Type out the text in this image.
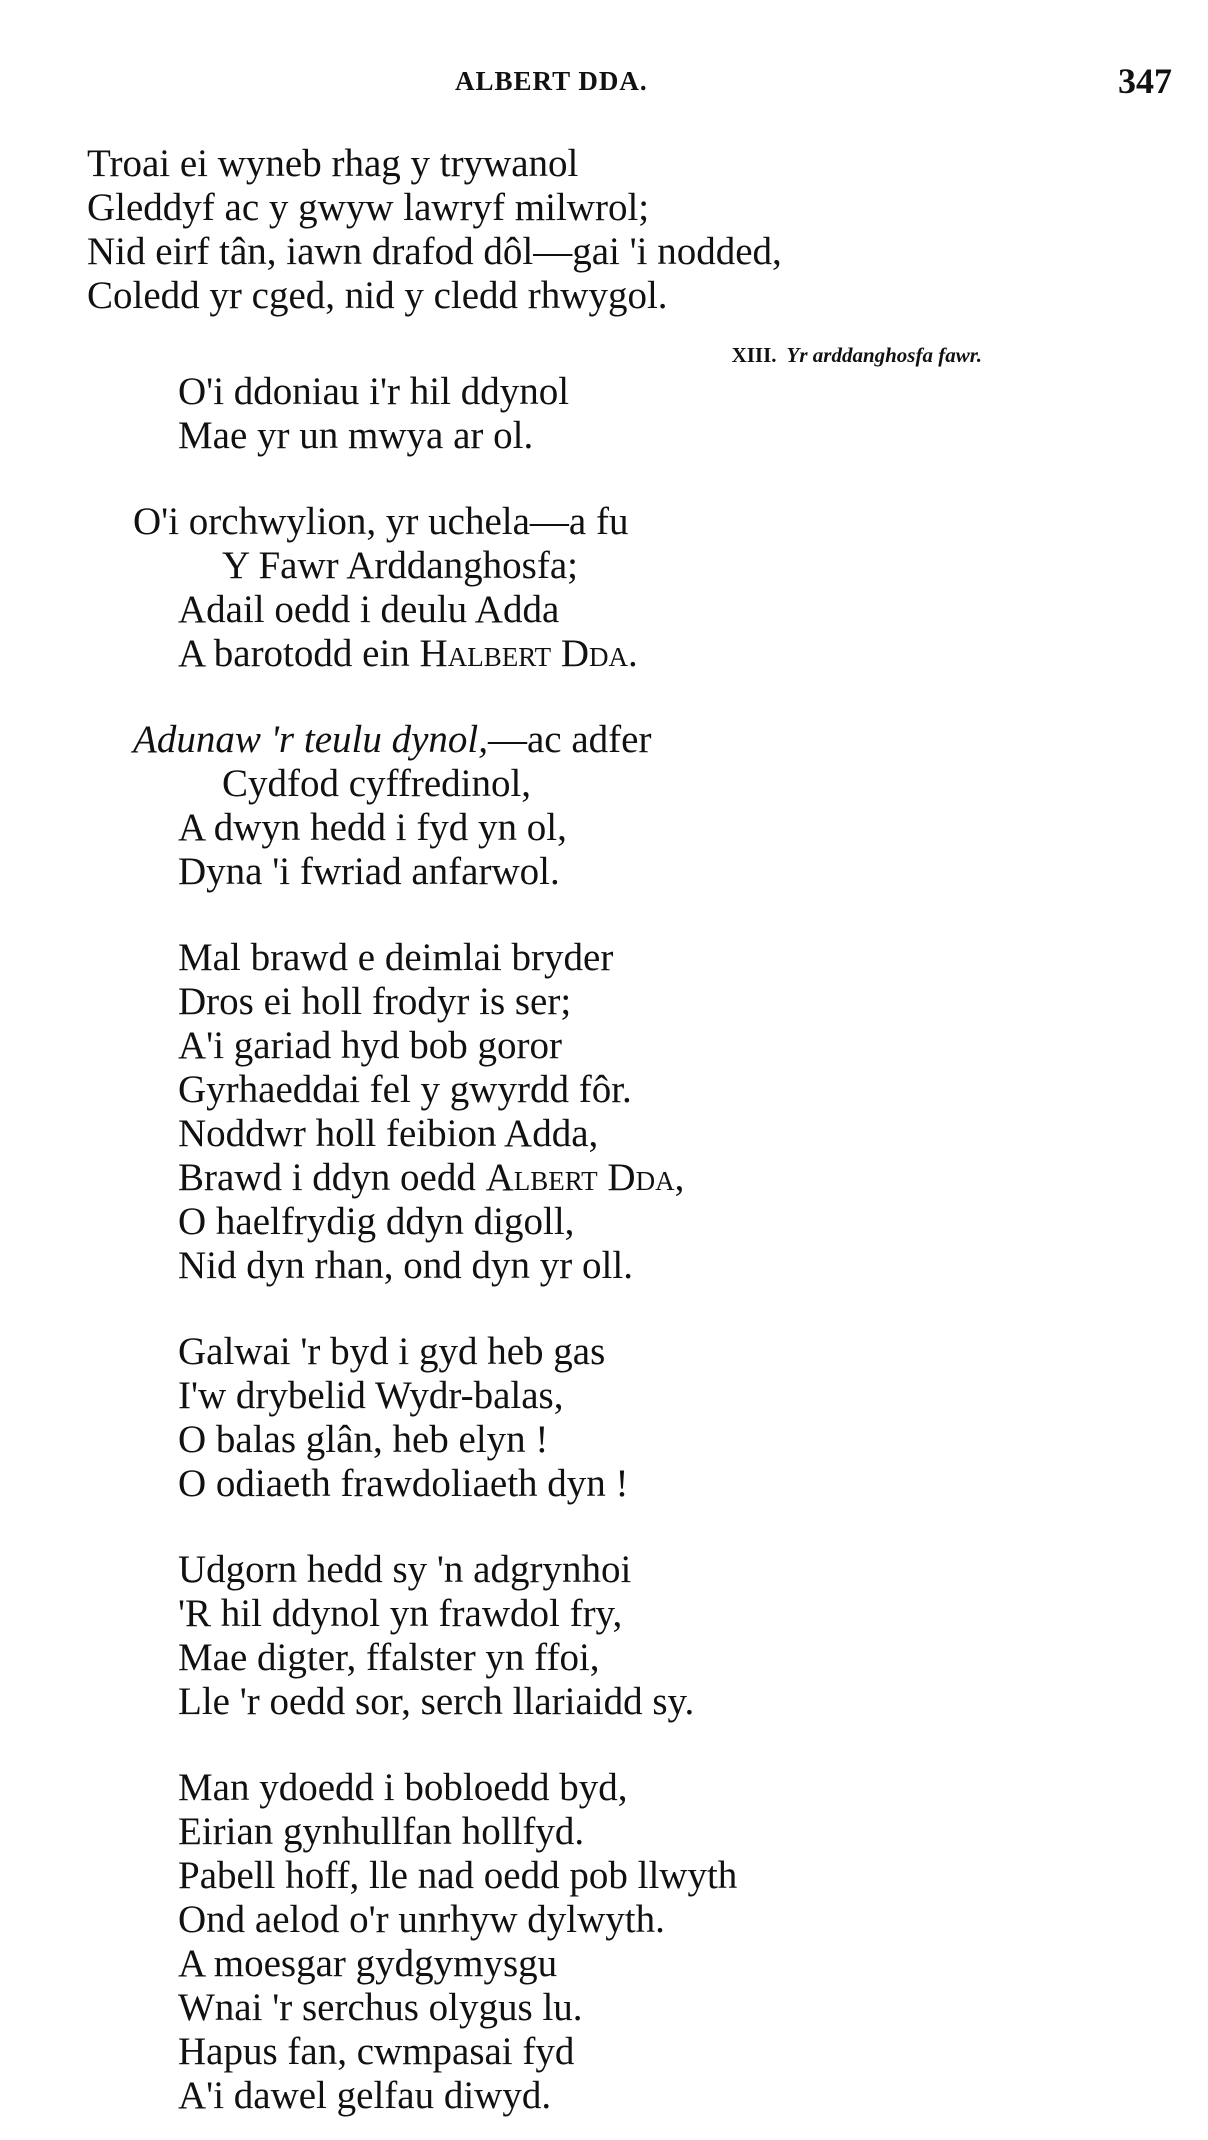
ALBERT DDA.	347
Troai ei wyneb rhag y trywanol
Gleddyf ac y gwyw lawryf milwrol;
Nid eirf tân, iawn drafod dôl—gai 'i nodded,
Coledd yr cged, nid y cledd rhwygol.
XIII. Yr arddanghosfa fawr.
O'i ddoniau i'r hil ddynol
Mae yr un mwya ar ol.
O'i orchwylion, yr uchela—a fu
Y Fawr Arddanghosfa;
Adail oedd i deulu Adda
A barotodd ein Halbert Dda.
Adunaw 'r teulu dynol,—ac adfer
Cydfod cyffredinol,
A dwyn hedd i fyd yn ol,
Dyna 'i fwriad anfarwol.
Mal brawd e deimlai bryder
Dros ei holl frodyr is ser;
A'i gariad hyd bob goror
Gyrhaeddai fel y gwyrdd fôr.
Noddwr holl feibion Adda,
Brawd i ddyn oedd Albert Dda,
O haelfrydig ddyn digoll,
Nid dyn rhan, ond dyn yr oll.
Galwai 'r byd i gyd heb gas
I'w drybelid Wydr-balas,
O balas glân, heb elyn !
O odiaeth frawdoliaeth dyn !
Udgorn hedd sy 'n adgrynhoi
'R hil ddynol yn frawdol fry,
Mae digter, ffalster yn ffoi,
Lle 'r oedd sor, serch llariaidd sy.
Man ydoedd i bobloedd byd,
Eirian gynhullfan hollfyd.
Pabell hoff, lle nad oedd pob llwyth
Ond aelod o'r unrhyw dylwyth.
A moesgar gydgymysgu
Wnai 'r serchus olygus lu.
Hapus fan, cwmpasai fyd
A'i dawel gelfau diwyd.
